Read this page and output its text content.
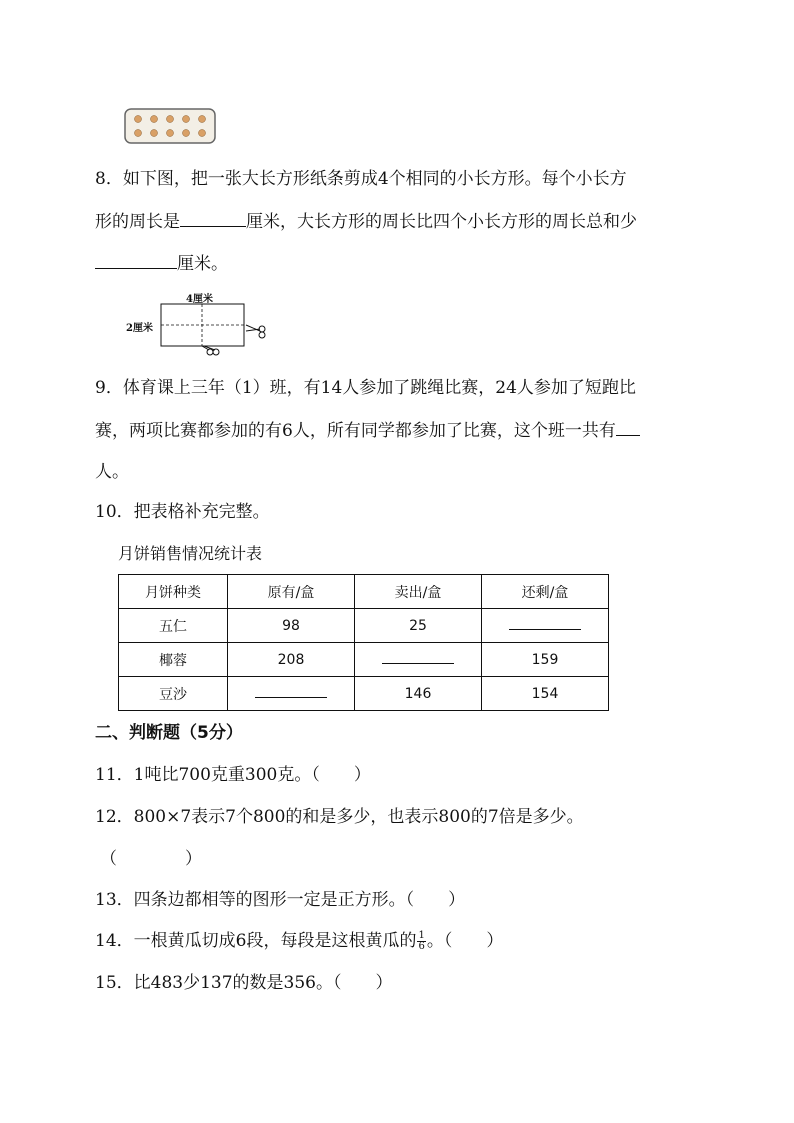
8．如下图，把一张大长方形纸条剪成4个相同的小长方形。每个小长方
形的周长是	厘米，大长方形的周长比四个小长方形的周长总和少
厘米。
4厘米
2厘米
9．体育课上三年（1）班，有14人参加了跳绳比赛，24人参加了短跑比
赛，两项比赛都参加的有6人，所有同学都参加了比赛，这个班一共有
人。
10．把表格补充完整。
月饼销售情况统计表
月饼种类	原有/盒	卖出/盒	还剩/盒
五仁	98	25	
椰蓉	208		159
豆沙		146	154
二、判断题（5分）
11．1吨比700克重300克。（　　）
12．800×7表示7个800的和是多少，也表示800的7倍是多少。
（　　　　）
13．四条边都相等的图形一定是正方形。（　　）
14．一根黄瓜切成6段，每段是这根黄瓜的 $\frac{1}{6}$ 。（　　）
15．比483少137的数是356。（　　）
